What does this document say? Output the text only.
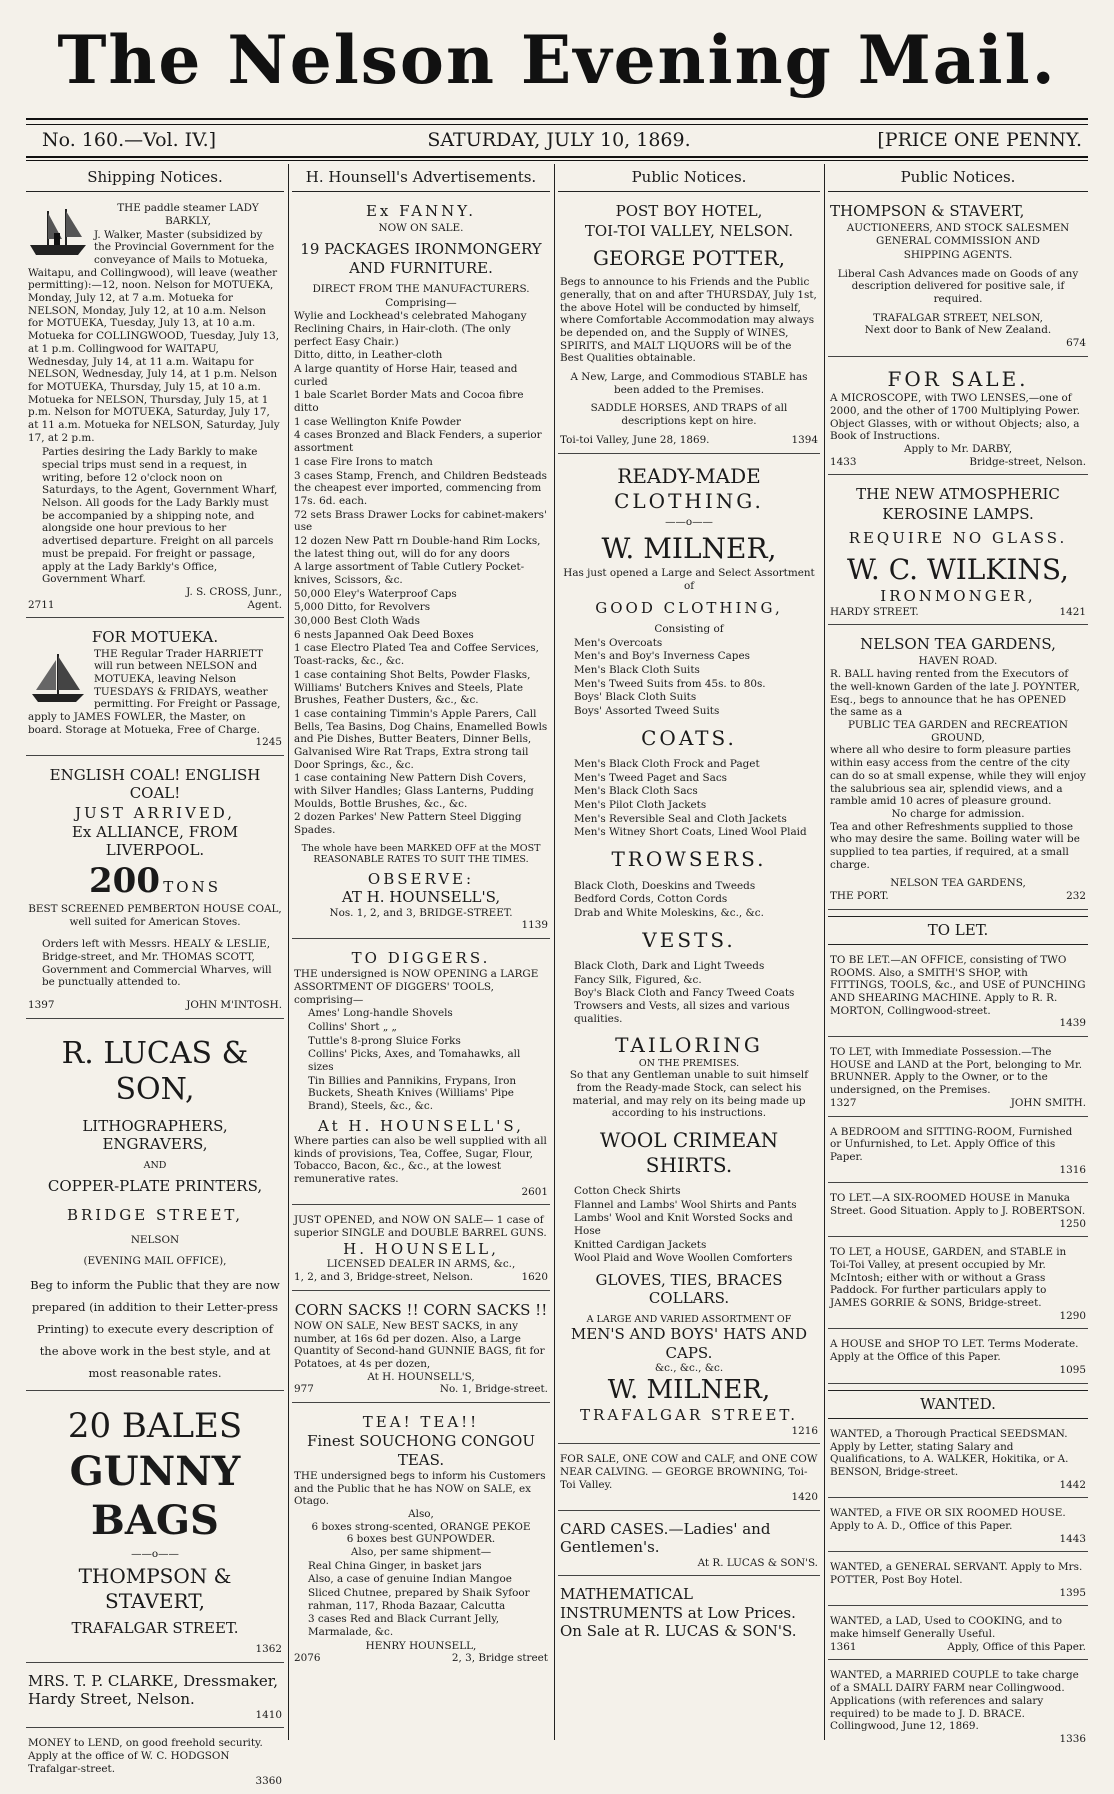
The Nelson Evening Mail.
SATURDAY, JULY 10, 1869.
No. 160.—Vol. IV.]	[PRICE ONE PENNY.
Shipping Notices.
THE paddle steamer LADY BARKLY,
J. Walker, Master (subsidized by the Provincial Government for the conveyance of Mails to Motueka, Waitapu, and Collingwood), will leave (weather permitting):—12, noon. Nelson for MOTUEKA, Monday, July 12, at 7 a.m. Motueka for NELSON, Monday, July 12, at 10 a.m. Nelson for MOTUEKA, Tuesday, July 13, at 10 a.m. Motueka for COLLINGWOOD, Tuesday, July 13, at 1 p.m. Collingwood for WAITAPU, Wednesday, July 14, at 11 a.m. Waitapu for NELSON, Wednesday, July 14, at 1 p.m. Nelson for MOTUEKA, Thursday, July 15, at 10 a.m. Motueka for NELSON, Thursday, July 15, at 1 p.m. Nelson for MOTUEKA, Saturday, July 17, at 11 a.m. Motueka for NELSON, Saturday, July 17, at 2 p.m.
Parties desiring the Lady Barkly to make special trips must send in a request, in writing, before 12 o'clock noon on Saturdays, to the Agent, Government Wharf, Nelson. All goods for the Lady Barkly must be accompanied by a shipping note, and alongside one hour previous to her advertised departure. Freight on all parcels must be prepaid. For freight or passage, apply at the Lady Barkly's Office, Government Wharf.
J. S. CROSS, Junr.,
2711	Agent.
FOR MOTUEKA.
THE Regular Trader HARRIETT will run between NELSON and MOTUEKA, leaving Nelson TUESDAYS & FRIDAYS, weather permitting. For Freight or Passage, apply to JAMES FOWLER, the Master, on board. Storage at Motueka, Free of Charge.
1245
ENGLISH COAL! ENGLISH COAL!
JUST ARRIVED,
Ex ALLIANCE, FROM LIVERPOOL.
200 TONS
BEST SCREENED PEMBERTON HOUSE COAL, well suited for American Stoves.
Orders left with Messrs. HEALY & LESLIE, Bridge-street, and Mr. THOMAS SCOTT, Government and Commercial Wharves, will be punctually attended to.
1397	JOHN M'INTOSH.
R. LUCAS & SON,
LITHOGRAPHERS, ENGRAVERS,
AND
COPPER-PLATE PRINTERS,
BRIDGE STREET,
NELSON
(EVENING MAIL OFFICE),
Beg to inform the Public that they are now prepared (in addition to their Letter-press Printing) to execute every description of the above work in the best style, and at most reasonable rates.
20 BALES
GUNNY BAGS
——o——
THOMPSON & STAVERT,
TRAFALGAR STREET.
1362
MRS. T. P. CLARKE, Dressmaker, Hardy Street, Nelson.
1410
MONEY to LEND, on good freehold security. Apply at the office of W. C. HODGSON Trafalgar-street.
3360
H. Hounsell's Advertisements.
Ex FANNY.
NOW ON SALE.
19 PACKAGES IRONMONGERY AND FURNITURE.
DIRECT FROM THE MANUFACTURERS.
Comprising—
Wylie and Lockhead's celebrated Mahogany Reclining Chairs, in Hair-cloth. (The only perfect Easy Chair.)
Ditto, ditto, in Leather-cloth
A large quantity of Horse Hair, teased and curled
1 bale Scarlet Border Mats and Cocoa fibre ditto
1 case Wellington Knife Powder
4 cases Bronzed and Black Fenders, a superior assortment
1 case Fire Irons to match
3 cases Stamp, French, and Children Bedsteads the cheapest ever imported, commencing from 17s. 6d. each.
72 sets Brass Drawer Locks for cabinet-makers' use
12 dozen New Patt rn Double-hand Rim Locks, the latest thing out, will do for any doors
A large assortment of Table Cutlery Pocket-knives, Scissors, &c.
50,000 Eley's Waterproof Caps
5,000 Ditto, for Revolvers
30,000 Best Cloth Wads
6 nests Japanned Oak Deed Boxes
1 case Electro Plated Tea and Coffee Services, Toast-racks, &c., &c.
1 case containing Shot Belts, Powder Flasks, Williams' Butchers Knives and Steels, Plate Brushes, Feather Dusters, &c., &c.
1 case containing Timmin's Apple Parers, Call Bells, Tea Basins, Dog Chains, Enamelled Bowls and Pie Dishes, Butter Beaters, Dinner Bells, Galvanised Wire Rat Traps, Extra strong tail Door Springs, &c., &c.
1 case containing New Pattern Dish Covers, with Silver Handles; Glass Lanterns, Pudding Moulds, Bottle Brushes, &c., &c.
2 dozen Parkes' New Pattern Steel Digging Spades.
The whole have been MARKED OFF at the MOST REASONABLE RATES TO SUIT THE TIMES.
OBSERVE:
AT H. HOUNSELL'S,
Nos. 1, 2, and 3, BRIDGE-STREET.
1139
TO DIGGERS.
THE undersigned is NOW OPENING a LARGE ASSORTMENT OF DIGGERS' TOOLS, comprising—
Ames' Long-handle Shovels
Collins' Short „ „
Tuttle's 8-prong Sluice Forks
Collins' Picks, Axes, and Tomahawks, all sizes
Tin Billies and Pannikins, Frypans, Iron Buckets, Sheath Knives (Williams' Pipe Brand), Steels, &c., &c.
At H. HOUNSELL'S,
Where parties can also be well supplied with all kinds of provisions, Tea, Coffee, Sugar, Flour, Tobacco, Bacon, &c., &c., at the lowest remunerative rates.
2601
JUST OPENED, and NOW ON SALE— 1 case of superior SINGLE and DOUBLE BARREL GUNS.
H. HOUNSELL,
LICENSED DEALER IN ARMS, &c.,
1, 2, and 3, Bridge-street, Nelson.	1620
CORN SACKS !! CORN SACKS !!
NOW ON SALE, New BEST SACKS, in any number, at 16s 6d per dozen. Also, a Large Quantity of Second-hand GUNNIE BAGS, fit for Potatoes, at 4s per dozen,
At H. HOUNSELL'S,
977	No. 1, Bridge-street.
TEA! TEA!!
Finest SOUCHONG CONGOU TEAS.
THE undersigned begs to inform his Customers and the Public that he has NOW on SALE, ex Otago.
Also,
6 boxes strong-scented, ORANGE PEKOE
6 boxes best GUNPOWDER.
Also, per same shipment—
Real China Ginger, in basket jars
Also, a case of genuine Indian Mangoe
Sliced Chutnee, prepared by Shaik Syfoor rahman, 117, Rhoda Bazaar, Calcutta
3 cases Red and Black Currant Jelly, Marmalade, &c.
HENRY HOUNSELL,
2076	2, 3, Bridge street
Public Notices.
POST BOY HOTEL,
TOI-TOI VALLEY, NELSON.
GEORGE POTTER,
Begs to announce to his Friends and the Public generally, that on and after THURSDAY, July 1st, the above Hotel will be conducted by himself, where Comfortable Accommodation may always be depended on, and the Supply of WINES, SPIRITS, and MALT LIQUORS will be of the Best Qualities obtainable.
A New, Large, and Commodious STABLE has been added to the Premises.
SADDLE HORSES, AND TRAPS of all descriptions kept on hire.
Toi-toi Valley, June 28, 1869.	1394
READY-MADE
CLOTHING.
——o——
W. MILNER,
Has just opened a Large and Select Assortment of
GOOD CLOTHING,
Consisting of
Men's Overcoats
Men's and Boy's Inverness Capes
Men's Black Cloth Suits
Men's Tweed Suits from 45s. to 80s.
Boys' Black Cloth Suits
Boys' Assorted Tweed Suits
COATS.
Men's Black Cloth Frock and Paget
Men's Tweed Paget and Sacs
Men's Black Cloth Sacs
Men's Pilot Cloth Jackets
Men's Reversible Seal and Cloth Jackets
Men's Witney Short Coats, Lined Wool Plaid
TROWSERS.
Black Cloth, Doeskins and Tweeds
Bedford Cords, Cotton Cords
Drab and White Moleskins, &c., &c.
VESTS.
Black Cloth, Dark and Light Tweeds
Fancy Silk, Figured, &c.
Boy's Black Cloth and Fancy Tweed Coats Trowsers and Vests, all sizes and various qualities.
TAILORING
ON THE PREMISES.
So that any Gentleman unable to suit himself from the Ready-made Stock, can select his material, and may rely on its being made up according to his instructions.
WOOL CRIMEAN SHIRTS.
Cotton Check Shirts
Flannel and Lambs' Wool Shirts and Pants
Lambs' Wool and Knit Worsted Socks and Hose
Knitted Cardigan Jackets
Wool Plaid and Wove Woollen Comforters
GLOVES, TIES, BRACES COLLARS.
A LARGE AND VARIED ASSORTMENT OF
MEN'S AND BOYS' HATS AND CAPS.
&c., &c., &c.
W. MILNER,
TRAFALGAR STREET.
1216
FOR SALE, ONE COW and CALF, and ONE COW NEAR CALVING. — GEORGE BROWNING, Toi-Toi Valley.
1420
CARD CASES.—Ladies' and Gentlemen's.
At R. LUCAS & SON'S.
MATHEMATICAL INSTRUMENTS at Low Prices. On Sale at R. LUCAS & SON'S.
Public Notices.
THOMPSON & STAVERT,
AUCTIONEERS, AND STOCK SALESMEN
GENERAL COMMISSION AND
SHIPPING AGENTS.
Liberal Cash Advances made on Goods of any description delivered for positive sale, if required.
TRAFALGAR STREET, NELSON,
Next door to Bank of New Zealand.
674
FOR SALE.
A MICROSCOPE, with TWO LENSES,—one of 2000, and the other of 1700 Multiplying Power. Object Glasses, with or without Objects; also, a Book of Instructions.
Apply to Mr. DARBY,
1433	Bridge-street, Nelson.
THE NEW ATMOSPHERIC
KEROSINE LAMPS.
REQUIRE NO GLASS.
W. C. WILKINS,
IRONMONGER,
HARDY STREET.	1421
NELSON TEA GARDENS,
HAVEN ROAD.
R. BALL having rented from the Executors of the well-known Garden of the late J. POYNTER, Esq., begs to announce that he has OPENED the same as a
PUBLIC TEA GARDEN and RECREATION GROUND,
where all who desire to form pleasure parties within easy access from the centre of the city can do so at small expense, while they will enjoy the salubrious sea air, splendid views, and a ramble amid 10 acres of pleasure ground.
No charge for admission.
Tea and other Refreshments supplied to those who may desire the same. Boiling water will be supplied to tea parties, if required, at a small charge.
NELSON TEA GARDENS,
THE PORT.	232
TO LET.
TO BE LET.—AN OFFICE, consisting of TWO ROOMS. Also, a SMITH'S SHOP, with FITTINGS, TOOLS, &c., and USE of PUNCHING AND SHEARING MACHINE. Apply to R. R. MORTON, Collingwood-street.
1439
TO LET, with Immediate Possession.—The HOUSE and LAND at the Port, belonging to Mr. BRUNNER. Apply to the Owner, or to the undersigned, on the Premises.
1327	JOHN SMITH.
A BEDROOM and SITTING-ROOM, Furnished or Unfurnished, to Let. Apply Office of this Paper.
1316
TO LET.—A SIX-ROOMED HOUSE in Manuka Street. Good Situation. Apply to J. ROBERTSON.
1250
TO LET, a HOUSE, GARDEN, and STABLE in Toi-Toi Valley, at present occupied by Mr. McIntosh; either with or without a Grass Paddock. For further particulars apply to JAMES GORRIE & SONS, Bridge-street.
1290
A HOUSE and SHOP TO LET. Terms Moderate. Apply at the Office of this Paper.
1095
WANTED.
WANTED, a Thorough Practical SEEDSMAN. Apply by Letter, stating Salary and Qualifications, to A. WALKER, Hokitika, or A. BENSON, Bridge-street.
1442
WANTED, a FIVE OR SIX ROOMED HOUSE. Apply to A. D., Office of this Paper.
1443
WANTED, a GENERAL SERVANT. Apply to Mrs. POTTER, Post Boy Hotel.
1395
WANTED, a LAD, Used to COOKING, and to make himself Generally Useful.
1361	Apply, Office of this Paper.
WANTED, a MARRIED COUPLE to take charge of a SMALL DAIRY FARM near Collingwood. Applications (with references and salary required) to be made to J. D. BRACE. Collingwood, June 12, 1869.
1336
